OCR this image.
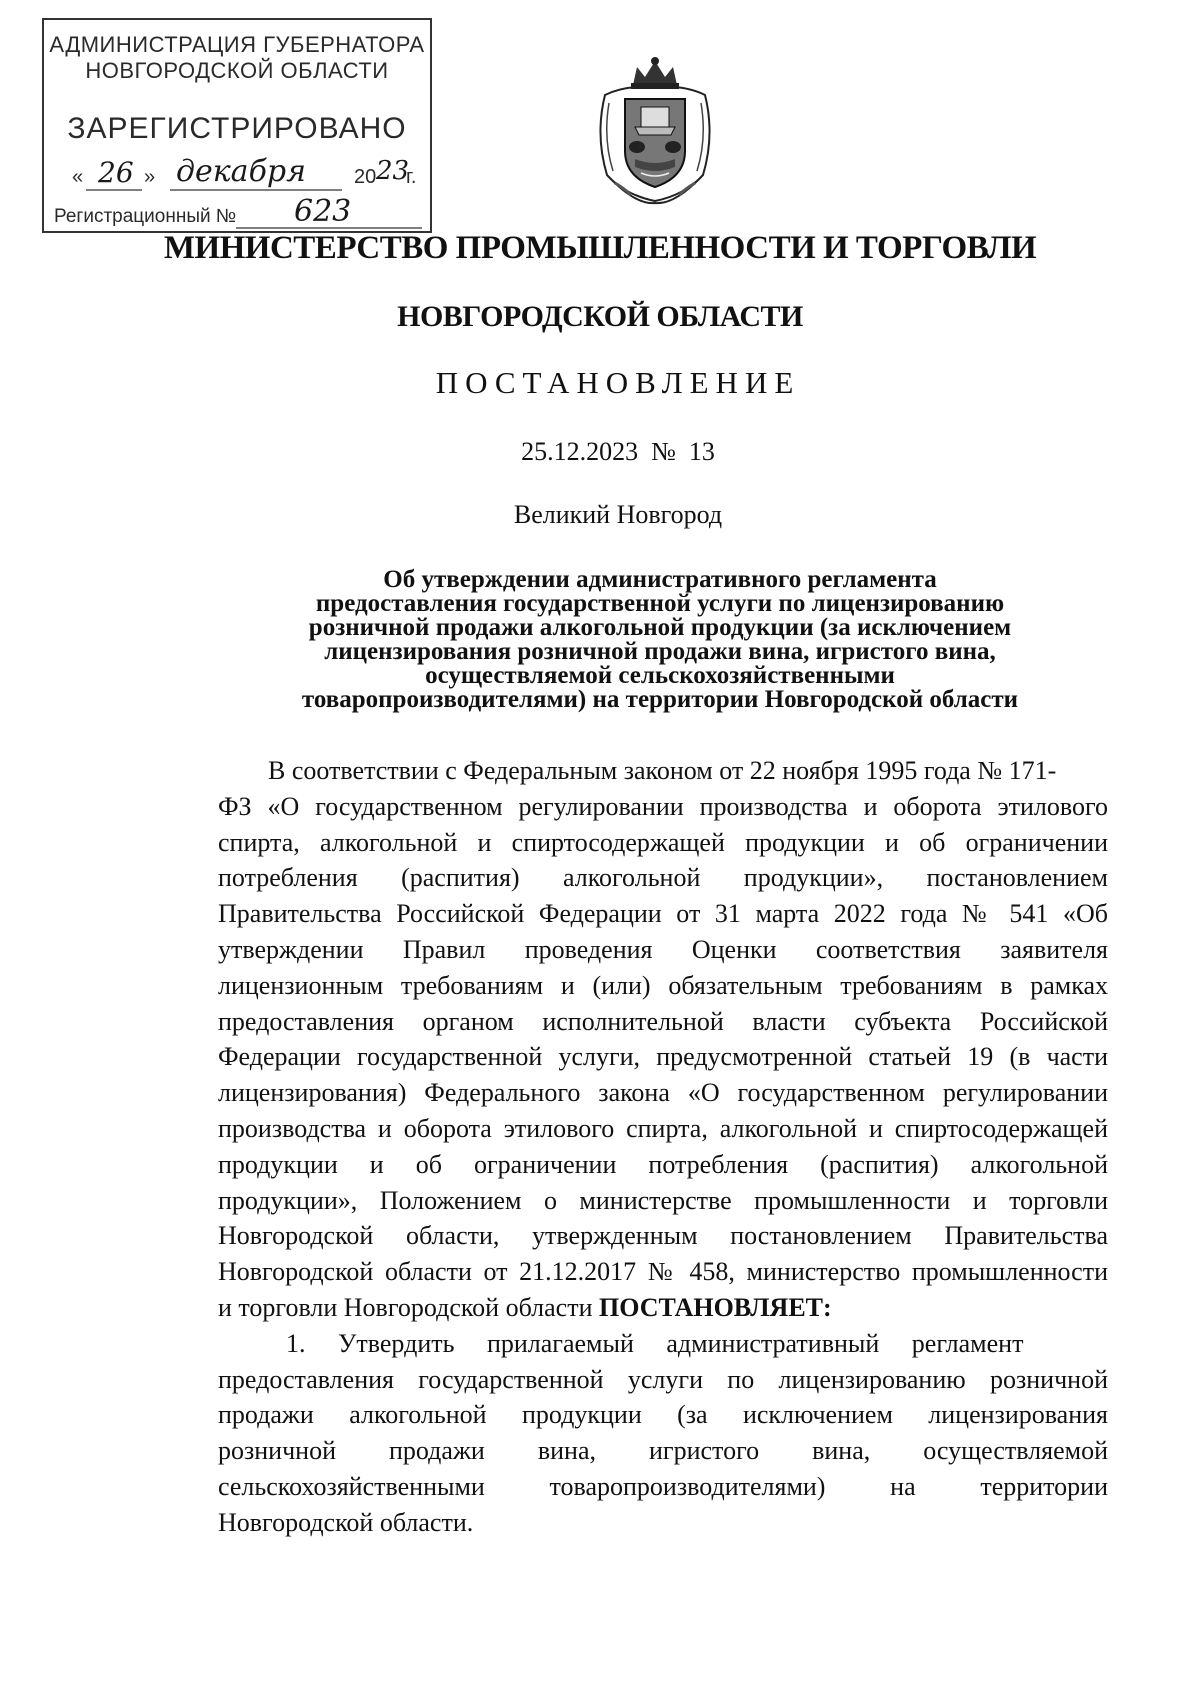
АДМИНИСТРАЦИЯ ГУБЕРНАТОРА
НОВГОРОДСКОЙ ОБЛАСТИ
ЗАРЕГИСТРИРОВАНО
« 26 » декабря 20 23
г.
Регистрационный № 623
МИНИСТЕРСТВО ПРОМЫШЛЕННОСТИ И ТОРГОВЛИ
НОВГОРОДСКОЙ ОБЛАСТИ
ПОСТАНОВЛЕНИЕ
25.12.2023  №  13
Великий Новгород
Об утверждении административного регламента
предоставления государственной услуги по лицензированию
розничной продажи алкогольной продукции (за исключением
лицензирования розничной продажи вина, игристого вина,
осуществляемой сельскохозяйственными
товаропроизводителями) на территории Новгородской области
В соответствии с Федеральным законом от 22 ноября 1995 года № 171-
ФЗ «О государственном регулировании производства и оборота этилового
спирта, алкогольной и спиртосодержащей продукции и об ограничении
потребления (распития) алкогольной продукции», постановлением
Правительства Российской Федерации от 31 марта 2022 года № 541 «Об
утверждении Правил проведения Оценки соответствия заявителя
лицензионным требованиям и (или) обязательным требованиям в рамках
предоставления органом исполнительной власти субъекта Российской
Федерации государственной услуги, предусмотренной статьей 19 (в части
лицензирования) Федерального закона «О государственном регулировании
производства и оборота этилового спирта, алкогольной и спиртосодержащей
продукции и об ограничении потребления (распития) алкогольной
продукции», Положением о министерстве промышленности и торговли
Новгородской области, утвержденным постановлением Правительства
Новгородской области от 21.12.2017 № 458, министерство промышленности
и торговли Новгородской области ПОСТАНОВЛЯЕТ:
1.     Утвердить     прилагаемый     административный     регламент
предоставления государственной услуги по лицензированию розничной
продажи алкогольной продукции (за исключением лицензирования
розничной продажи вина, игристого вина, осуществляемой
сельскохозяйственными товаропроизводителями) на территории
Новгородской области.
